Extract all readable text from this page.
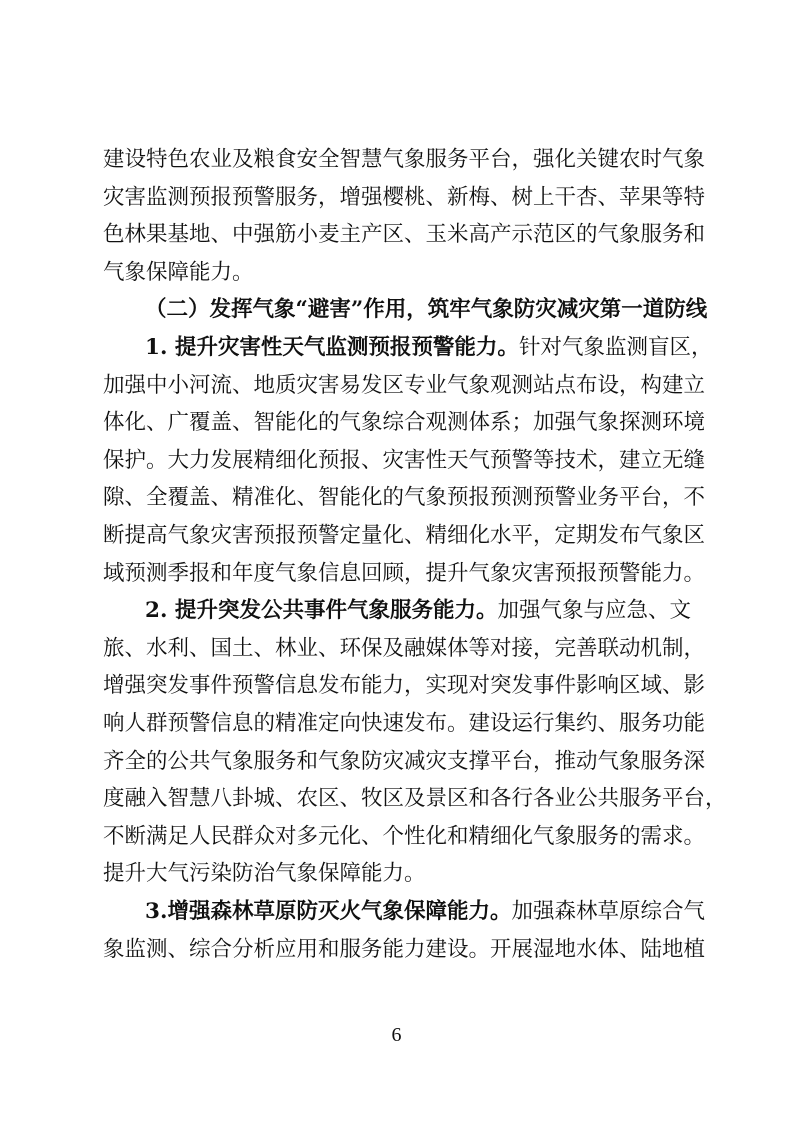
建设特色农业及粮食安全智慧气象服务平台，强化关键农时气象
灾害监测预报预警服务，增强樱桃、新梅、树上干杏、苹果等特
色林果基地、中强筋小麦主产区、玉米高产示范区的气象服务和
气象保障能力。
（二）发挥气象“避害”作用，筑牢气象防灾减灾第一道防线
1. 提升灾害性天气监测预报预警能力。针对气象监测盲区，
加强中小河流、地质灾害易发区专业气象观测站点布设，构建立
体化、广覆盖、智能化的气象综合观测体系；加强气象探测环境
保护。大力发展精细化预报、灾害性天气预警等技术，建立无缝
隙、全覆盖、精准化、智能化的气象预报预测预警业务平台，不
断提高气象灾害预报预警定量化、精细化水平，定期发布气象区
域预测季报和年度气象信息回顾，提升气象灾害预报预警能力。
2. 提升突发公共事件气象服务能力。加强气象与应急、文
旅、水利、国土、林业、环保及融媒体等对接，完善联动机制，
增强突发事件预警信息发布能力，实现对突发事件影响区域、影
响人群预警信息的精准定向快速发布。建设运行集约、服务功能
齐全的公共气象服务和气象防灾减灾支撑平台，推动气象服务深
度融入智慧八卦城、农区、牧区及景区和各行各业公共服务平台，
不断满足人民群众对多元化、个性化和精细化气象服务的需求。
提升大气污染防治气象保障能力。
3.增强森林草原防灭火气象保障能力。加强森林草原综合气
象监测、综合分析应用和服务能力建设。开展湿地水体、陆地植
6
